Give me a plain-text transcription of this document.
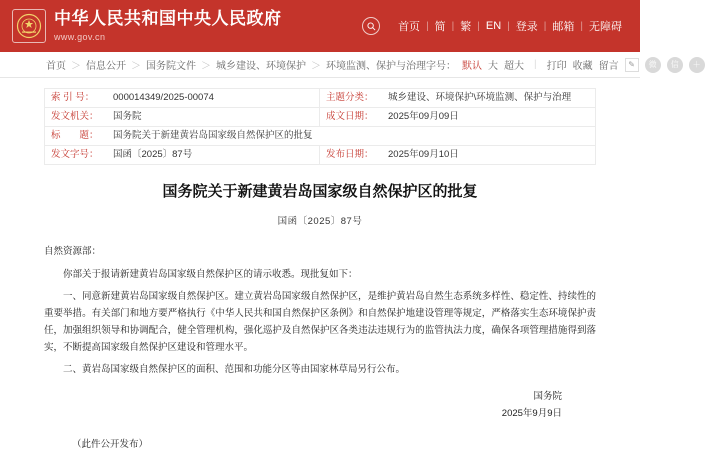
中华人民共和国中央人民政府
www.gov.cn
首页 | 简 | 繁 | EN | 登录 | 邮箱 | 无障碍
首页 ＞ 信息公开 ＞ 国务院文件 ＞ 城乡建设、环境保护 ＞ 环境监测、保护与治理 字号： 默认 大 超大 | 打印 收藏 留言	✎	微	信	＋
索 引 号：	000014349/2025-00074	主题分类：	城乡建设、环境保护\环境监测、保护与治理
发文机关：	国务院	成文日期：	2025年09月09日
标　　题：	国务院关于新建黄岩岛国家级自然保护区的批复
发文字号：	国函〔2025〕87号	发布日期：	2025年09月10日
国务院关于新建黄岩岛国家级自然保护区的批复
国函〔2025〕87号

自然资源部：

你部关于报请新建黄岩岛国家级自然保护区的请示收悉。现批复如下：

一、同意新建黄岩岛国家级自然保护区。建立黄岩岛国家级自然保护区，是维护黄岩岛自然生态系统多样性、稳定性、持续性的重要举措。有关部门和地方要严格执行《中华人民共和国自然保护区条例》和自然保护地建设管理等规定，严格落实生态环境保护责任，加强组织领导和协调配合，健全管理机构，强化巡护及自然保护区各类违法违规行为的监管执法力度，确保各项管理措施得到落实，不断提高国家级自然保护区建设和管理水平。

二、黄岩岛国家级自然保护区的面积、范围和功能分区等由国家林草局另行公布。

国务院
2025年9月9日
（此件公开发布）
